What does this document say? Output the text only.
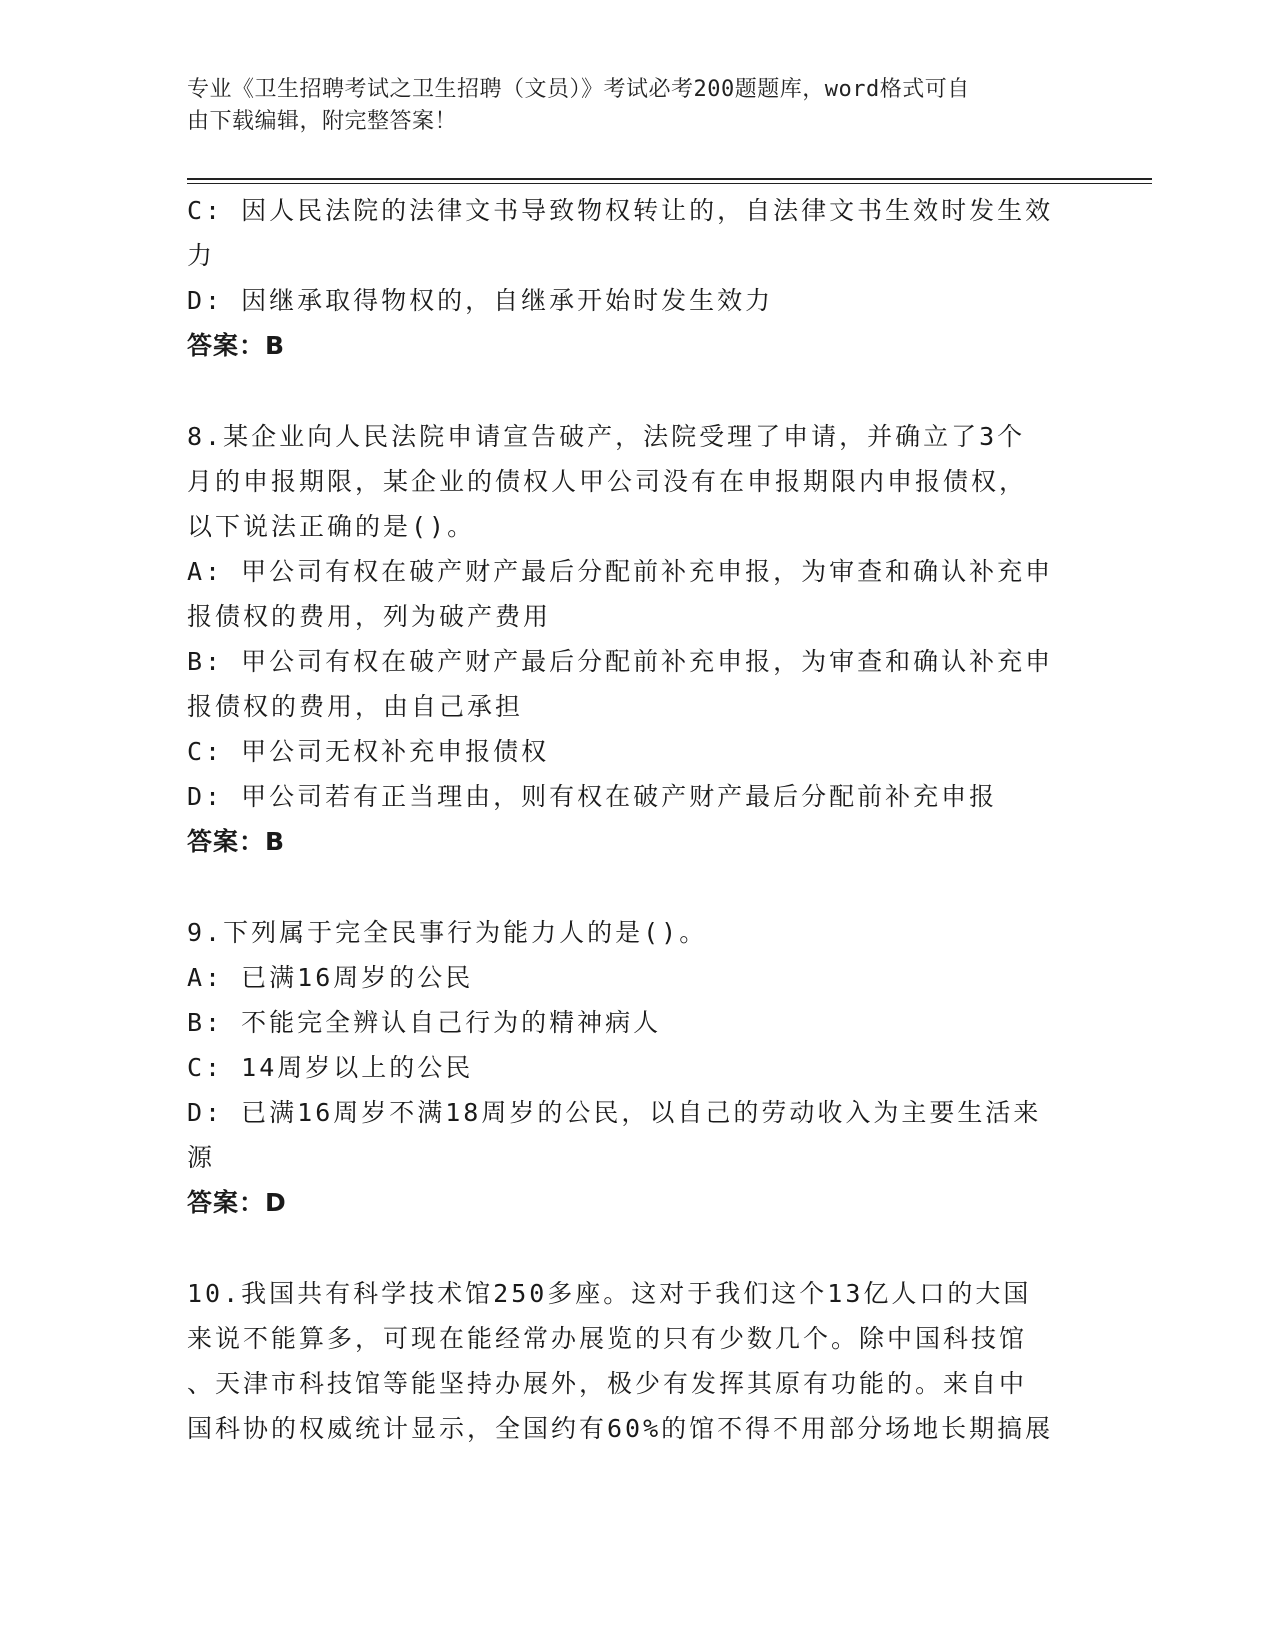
专业《卫生招聘考试之卫生招聘（文员）》考试必考200题题库，word格式可自
由下载编辑，附完整答案！
C: 因人民法院的法律文书导致物权转让的，自法律文书生效时发生效
力
D: 因继承取得物权的，自继承开始时发生效力
答案：B
8.某企业向人民法院申请宣告破产，法院受理了申请，并确立了3个
月的申报期限，某企业的债权人甲公司没有在申报期限内申报债权，
以下说法正确的是()。
A: 甲公司有权在破产财产最后分配前补充申报，为审查和确认补充申
报债权的费用，列为破产费用
B: 甲公司有权在破产财产最后分配前补充申报，为审查和确认补充申
报债权的费用，由自己承担
C: 甲公司无权补充申报债权
D: 甲公司若有正当理由，则有权在破产财产最后分配前补充申报
答案：B
9.下列属于完全民事行为能力人的是()。
A: 已满16周岁的公民
B: 不能完全辨认自己行为的精神病人
C: 14周岁以上的公民
D: 已满16周岁不满18周岁的公民，以自己的劳动收入为主要生活来
源
答案：D
10.我国共有科学技术馆250多座。这对于我们这个13亿人口的大国
来说不能算多，可现在能经常办展览的只有少数几个。除中国科技馆
、天津市科技馆等能坚持办展外，极少有发挥其原有功能的。来自中
国科协的权威统计显示，全国约有60%的馆不得不用部分场地长期搞展
